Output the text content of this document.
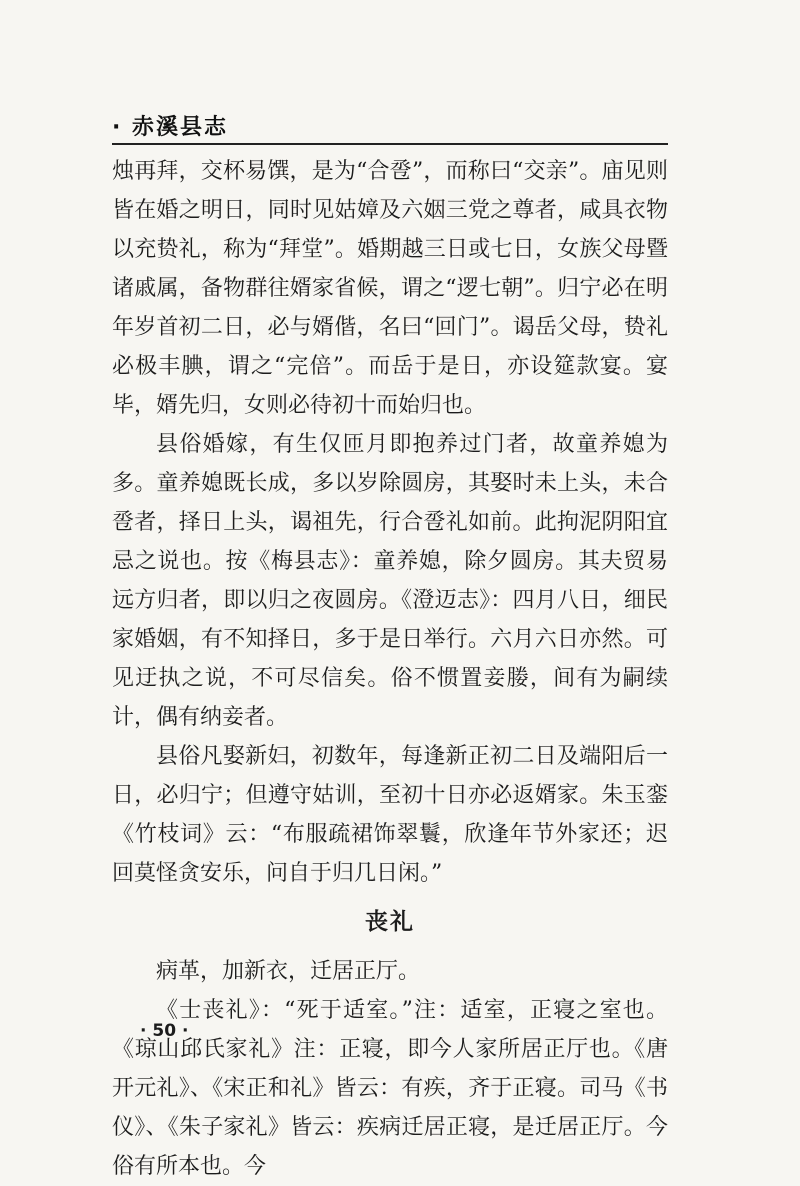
· 赤溪县志

烛再拜，交杯易馔，是为“合卺”，而称曰“交亲”。庙见则皆在婚之明日，同时见姑嫜及六姻三党之尊者，咸具衣物以充贽礼，称为“拜堂”。婚期越三日或七日，女族父母暨诸戚属，备物群往婿家省候，谓之“逻七朝”。归宁必在明年岁首初二日，必与婿偕，名曰“回门”。谒岳父母，贽礼必极丰腆，谓之“完倍”。而岳于是日，亦设筵款宴。宴毕，婿先归，女则必待初十而始归也。

县俗婚嫁，有生仅匝月即抱养过门者，故童养媳为多。童养媳既长成，多以岁除圆房，其娶时未上头，未合卺者，择日上头，谒祖先，行合卺礼如前。此拘泥阴阳宜忌之说也。按《梅县志》：童养媳，除夕圆房。其夫贸易远方归者，即以归之夜圆房。《澄迈志》：四月八日，细民家婚姻，有不知择日，多于是日举行。六月六日亦然。可见迂执之说，不可尽信矣。俗不惯置妾媵，间有为嗣续计，偶有纳妾者。

县俗凡娶新妇，初数年，每逢新正初二日及端阳后一日，必归宁；但遵守姑训，至初十日亦必返婿家。朱玉銮《竹枝词》云：“布服疏裙饰翠鬟，欣逢年节外家还；迟回莫怪贪安乐，问自于归几日闲。”

丧礼

病革，加新衣，迁居正厅。

《士丧礼》：“死于适室。”注：适室，正寝之室也。《琼山邱氏家礼》注：正寝，即今人家所居正厅也。《唐开元礼》、《宋正和礼》皆云：有疾，齐于正寝。司马《书仪》、《朱子家礼》皆云：疾病迁居正寝，是迁居正厅。今俗有所本也。今

· 50 ·
